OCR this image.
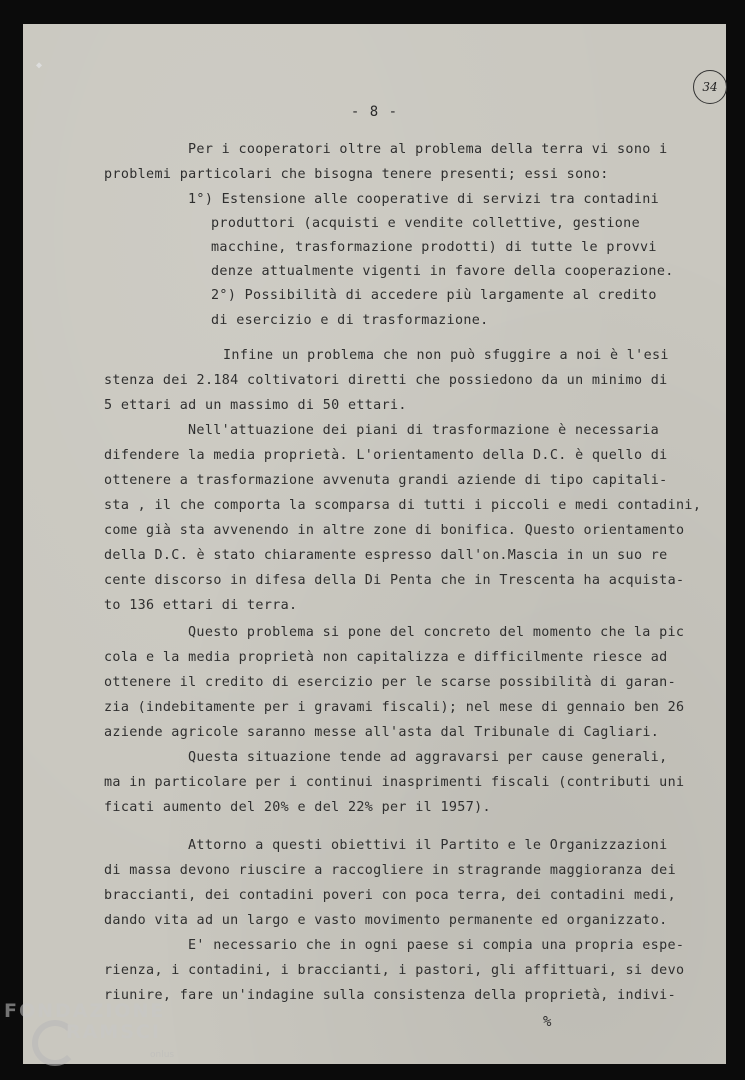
34
- 8 -
Per i cooperatori oltre al problema della terra vi sono i
problemi particolari che bisogna tenere presenti; essi sono:
1°) Estensione alle cooperative di servizi tra contadini
produttori (acquisti e vendite collettive, gestione
macchine, trasformazione prodotti) di tutte le provvi
denze attualmente vigenti in favore della cooperazione.
2°) Possibilità di accedere più largamente al credito
di esercizio e di trasformazione.
Infine un problema che non può sfuggire a noi è l'esi
stenza dei 2.184 coltivatori diretti che possiedono da un minimo di
5 ettari ad un massimo di 50 ettari.
Nell'attuazione dei piani di trasformazione è necessaria
difendere la media proprietà. L'orientamento della D.C. è quello di
ottenere a trasformazione avvenuta grandi aziende di tipo capitali-
sta , il che comporta la scomparsa di tutti i piccoli e medi contadini,
come già sta avvenendo in altre zone di bonifica. Questo orientamento
della D.C. è stato chiaramente espresso dall'on.Mascia in un suo re
cente discorso in difesa della Di Penta che in Trescenta ha acquista-
to 136 ettari di terra.
Questo problema si pone del concreto del momento che la pic
cola e la media proprietà non capitalizza e difficilmente riesce ad
ottenere il credito di esercizio per le scarse possibilità di garan-
zia (indebitamente per i gravami fiscali); nel mese di gennaio ben 26
aziende agricole saranno messe all'asta dal Tribunale di Cagliari.
Questa situazione tende ad aggravarsi per cause generali,
ma in particolare per i continui inasprimenti fiscali (contributi uni
ficati aumento del 20% e del 22% per il 1957).
Attorno a questi obiettivi il Partito e le Organizzazioni
di massa devono riuscire a raccogliere in stragrande maggioranza dei
braccianti, dei contadini poveri con poca terra, dei contadini medi,
dando vita ad un largo e vasto movimento permanente ed organizzato.
E' necessario che in ogni paese si compia una propria espe-
rienza, i contadini, i braccianti, i pastori, gli affittuari, si devo
riunire, fare un'indagine sulla consistenza della proprietà, indivi-
%
◆
FONDAZIONE
RAMSCI
onlus
